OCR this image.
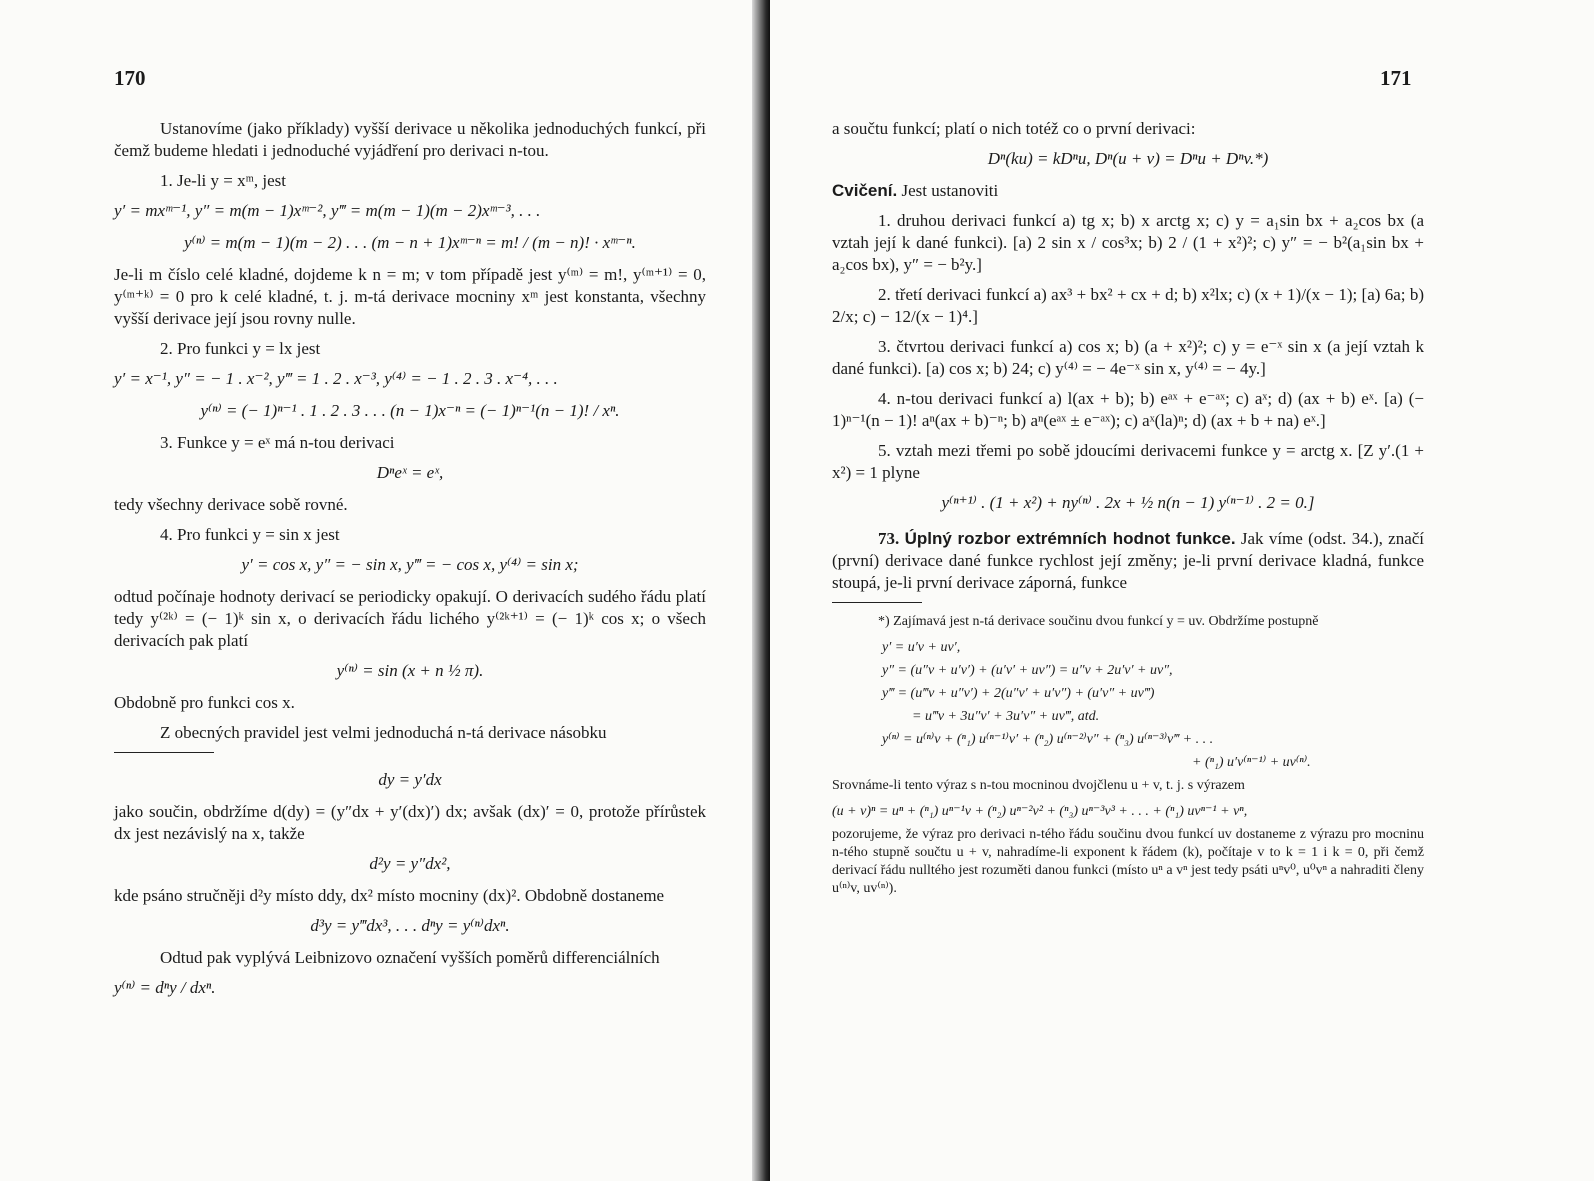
170

Ustanovíme (jako příklady) vyšší derivace u několika jednoduchých funkcí, při čemž budeme hledati i jednoduché vyjádření pro derivaci n-tou.

1. Je-li y = xᵐ, jest

y′ = mxᵐ⁻¹, y″ = m(m − 1)xᵐ⁻², y‴ = m(m − 1)(m − 2)xᵐ⁻³, . . .
y⁽ⁿ⁾ = m(m − 1)(m − 2) . . . (m − n + 1)xᵐ⁻ⁿ = m! / (m − n)! · xᵐ⁻ⁿ.

Je-li m číslo celé kladné, dojdeme k n = m; v tom případě jest y⁽ᵐ⁾ = m!, y⁽ᵐ⁺¹⁾ = 0, y⁽ᵐ⁺ᵏ⁾ = 0 pro k celé kladné, t. j. m-tá derivace mocniny xᵐ jest konstanta, všechny vyšší derivace její jsou rovny nulle.

2. Pro funkci y = lx jest

y′ = x⁻¹, y″ = − 1 . x⁻², y‴ = 1 . 2 . x⁻³, y⁽⁴⁾ = − 1 . 2 . 3 . x⁻⁴, . . .
y⁽ⁿ⁾ = (− 1)ⁿ⁻¹ . 1 . 2 . 3 . . . (n − 1)x⁻ⁿ = (− 1)ⁿ⁻¹(n − 1)! / xⁿ.

3. Funkce y = eˣ má n-tou derivaci

Dⁿeˣ = eˣ,

tedy všechny derivace sobě rovné.

4. Pro funkci y = sin x jest

y′ = cos x, y″ = − sin x, y‴ = − cos x, y⁽⁴⁾ = sin x;

odtud počínaje hodnoty derivací se periodicky opakují. O derivacích sudého řádu platí tedy y⁽²ᵏ⁾ = (− 1)ᵏ sin x, o derivacích řádu lichého y⁽²ᵏ⁺¹⁾ = (− 1)ᵏ cos x; o všech derivacích pak platí

y⁽ⁿ⁾ = sin (x + n ½ π).

Obdobně pro funkci cos x.

Z obecných pravidel jest velmi jednoduchá n-tá derivace násobku

dy = y′dx

jako součin, obdržíme d(dy) = (y″dx + y′(dx)′) dx; avšak (dx)′ = 0, protože přírůstek dx jest nezávislý na x, takže

d²y = y″dx²,

kde psáno stručněji d²y místo ddy, dx² místo mocniny (dx)². Obdobně dostaneme

d³y = y‴dx³, . . . dⁿy = y⁽ⁿ⁾dxⁿ.

Odtud pak vyplývá Leibnizovo označení vyšších poměrů differenciálních

y⁽ⁿ⁾ = dⁿy / dxⁿ.
171

a součtu funkcí; platí o nich totéž co o první derivaci:

Dⁿ(ku) = kDⁿu, Dⁿ(u + v) = Dⁿu + Dⁿv.*)

Cvičení. Jest ustanoviti

1. druhou derivaci funkcí a) tg x; b) x arctg x; c) y = a₁sin bx + a₂cos bx (a vztah její k dané funkci). [a) 2 sin x / cos³x; b) 2 / (1 + x²)²; c) y″ = − b²(a₁sin bx + a₂cos bx), y″ = − b²y.]

2. třetí derivaci funkcí a) ax³ + bx² + cx + d; b) x²lx; c) (x + 1)/(x − 1); [a) 6a; b) 2/x; c) − 12/(x − 1)⁴.]

3. čtvrtou derivaci funkcí a) cos x; b) (a + x²)²; c) y = e⁻ˣ sin x (a její vztah k dané funkci). [a) cos x; b) 24; c) y⁽⁴⁾ = − 4e⁻ˣ sin x, y⁽⁴⁾ = − 4y.]

4. n-tou derivaci funkcí a) l(ax + b); b) eᵃˣ + e⁻ᵃˣ; c) aˣ; d) (ax + b) eˣ. [a) (− 1)ⁿ⁻¹(n − 1)! aⁿ(ax + b)⁻ⁿ; b) aⁿ(eᵃˣ ± e⁻ᵃˣ); c) aˣ(la)ⁿ; d) (ax + b + na) eˣ.]

5. vztah mezi třemi po sobě jdoucími derivacemi funkce y = arctg x. [Z y′.(1 + x²) = 1 plyne

y⁽ⁿ⁺¹⁾ . (1 + x²) + ny⁽ⁿ⁾ . 2x + ½ n(n − 1) y⁽ⁿ⁻¹⁾ . 2 = 0.]

73. Úplný rozbor extrémních hodnot funkce. Jak víme (odst. 34.), značí (první) derivace dané funkce rychlost její změny; je-li první derivace kladná, funkce stoupá, je-li první derivace záporná, funkce

*) Zajímavá jest n-tá derivace součinu dvou funkcí y = uv. Obdržíme postupně

y′ = u′v + uv′,
y″ = (u″v + u′v′) + (u′v′ + uv″) = u″v + 2u′v′ + uv″,
y‴ = (u‴v + u″v′) + 2(u″v′ + u′v″) + (u′v″ + uv‴)
= u‴v + 3u″v′ + 3u′v″ + uv‴, atd.
y⁽ⁿ⁾ = u⁽ⁿ⁾v + (ⁿ₁) u⁽ⁿ⁻¹⁾v′ + (ⁿ₂) u⁽ⁿ⁻²⁾v″ + (ⁿ₃) u⁽ⁿ⁻³⁾v‴ + . . .
+ (ⁿ₁) u′v⁽ⁿ⁻¹⁾ + uv⁽ⁿ⁾.

Srovnáme-li tento výraz s n-tou mocninou dvojčlenu u + v, t. j. s výrazem

(u + v)ⁿ = uⁿ + (ⁿ₁) uⁿ⁻¹v + (ⁿ₂) uⁿ⁻²v² + (ⁿ₃) uⁿ⁻³v³ + . . . + (ⁿ₁) uvⁿ⁻¹ + vⁿ,

pozorujeme, že výraz pro derivaci n-tého řádu součinu dvou funkcí uv dostaneme z výrazu pro mocninu n-tého stupně součtu u + v, nahradíme-li exponent k řádem (k), počítaje v to k = 1 i k = 0, při čemž derivací řádu nulltého jest rozuměti danou funkci (místo uⁿ a vⁿ jest tedy psáti uⁿv⁰, u⁰vⁿ a nahraditi členy u⁽ⁿ⁾v, uv⁽ⁿ⁾).
